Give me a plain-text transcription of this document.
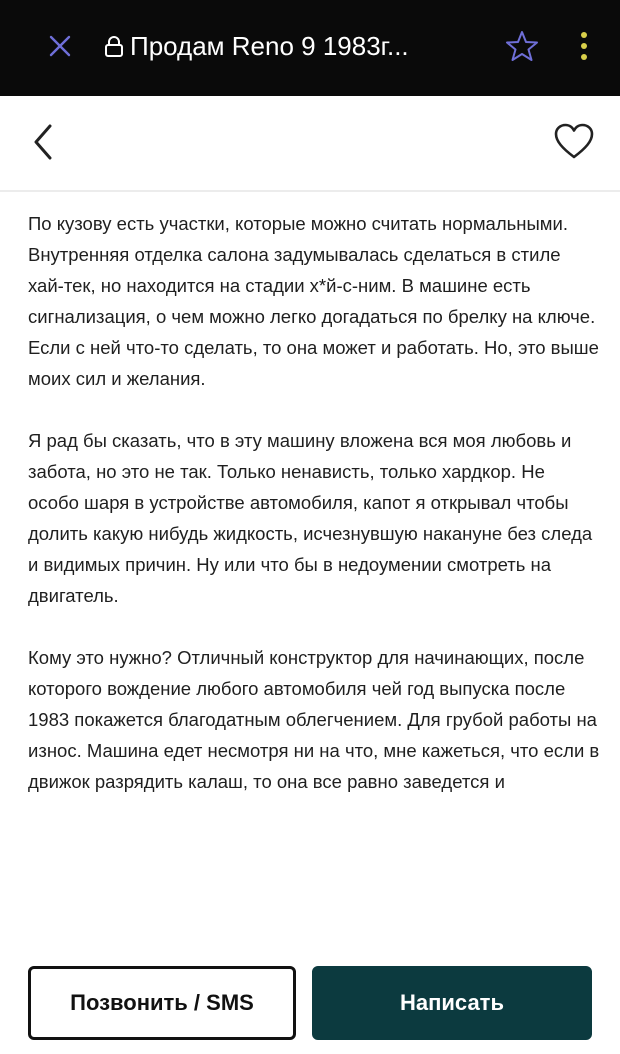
Продам Reno 9 1983г...

По кузову есть участки, которые можно считать нормальными. Внутренняя отделка салона задумывалась сделаться в стиле хай-тек, но находится на стадии х*й-с-ним. В машине есть сигнализация, о чем можно легко догадаться по брелку на ключе. Если с ней что-то сделать, то она может и работать. Но, это выше моих сил и желания.

Я рад бы сказать, что в эту машину вложена вся моя любовь и забота, но это не так. Только ненависть, только хардкор. Не особо шаря в устройстве автомобиля, капот я открывал чтобы долить какую нибудь жидкость, исчезнувшую накануне без следа и видимых причин. Ну или что бы в недоумении смотреть на двигатель.

Кому это нужно? Отличный конструктор для начинающих, после которого вождение любого автомобиля чей год выпуска после 1983 покажется благодатным облегчением. Для грубой работы на износ. Машина едет несмотря ни на что, мне кажеться, что если в движок разрядить калаш, то она все равно заведется и

Позвонить / SMS	Написать
